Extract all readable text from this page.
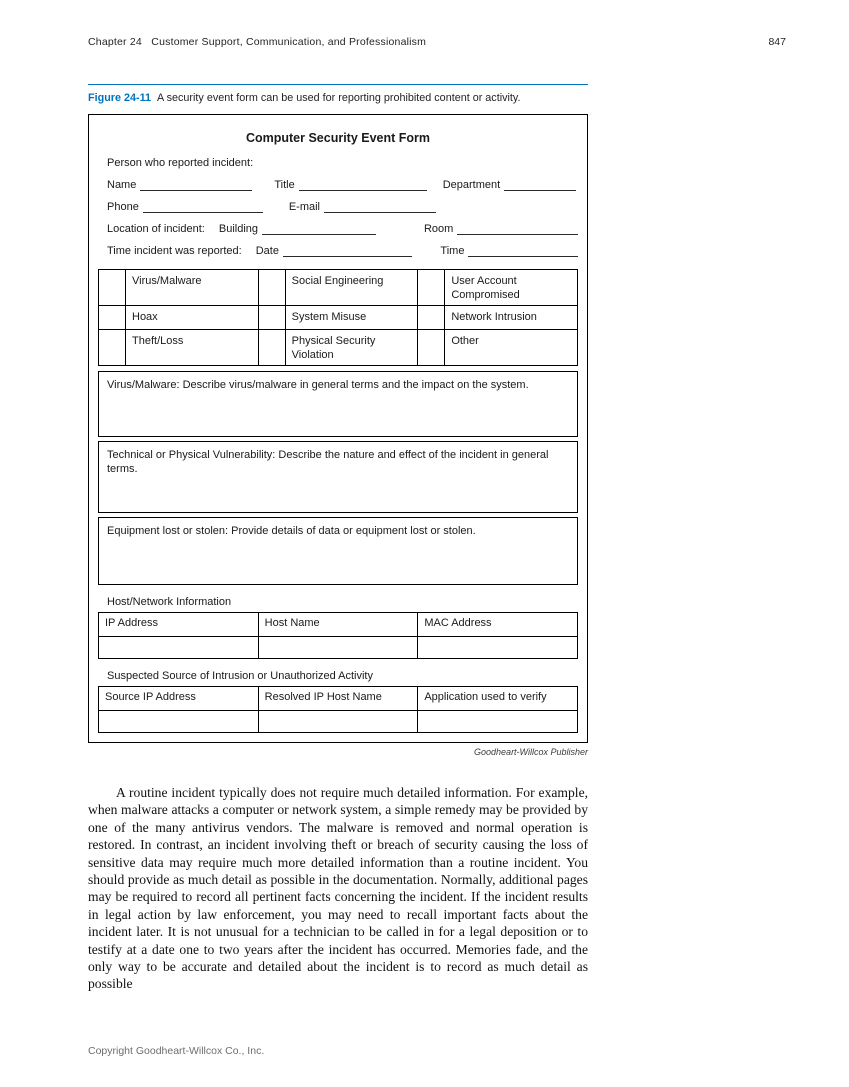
Chapter 24   Customer Support, Communication, and Professionalism	847

Figure 24-11 A security event form can be used for reporting prohibited content or activity.

Computer Security Event Form
Person who reported incident:
Name	Title	Department
Phone	E-mail
Location of incident: Building	Room
Time incident was reported: Date	Time
	Virus/Malware		Social Engineering		User Account Compromised
	Hoax		System Misuse		Network Intrusion
	Theft/Loss		Physical Security Violation		Other
Virus/Malware: Describe virus/malware in general terms and the impact on the system.
Technical or Physical Vulnerability: Describe the nature and effect of the incident in general terms.
Equipment lost or stolen: Provide details of data or equipment lost or stolen.

Host/Network Information

IP Address	Host Name	MAC Address

Suspected Source of Intrusion or Unauthorized Activity

Source IP Address	Resolved IP Host Name	Application used to verify

Goodheart-Willcox Publisher

A routine incident typically does not require much detailed information. For example, when malware attacks a computer or network system, a simple remedy may be provided by one of the many antivirus vendors. The malware is removed and normal operation is restored. In contrast, an incident involving theft or breach of security causing the loss of sensitive data may require much more detailed information than a routine incident. You should provide as much detail as possible in the documentation. Normally, additional pages may be required to record all pertinent facts concerning the incident. If the incident results in legal action by law enforcement, you may need to recall important facts about the incident later. It is not unusual for a technician to be called in for a legal deposition or to testify at a date one to two years after the incident has occurred. Memories fade, and the only way to be accurate and detailed about the incident is to record as much detail as possible

Copyright Goodheart-Willcox Co., Inc.
